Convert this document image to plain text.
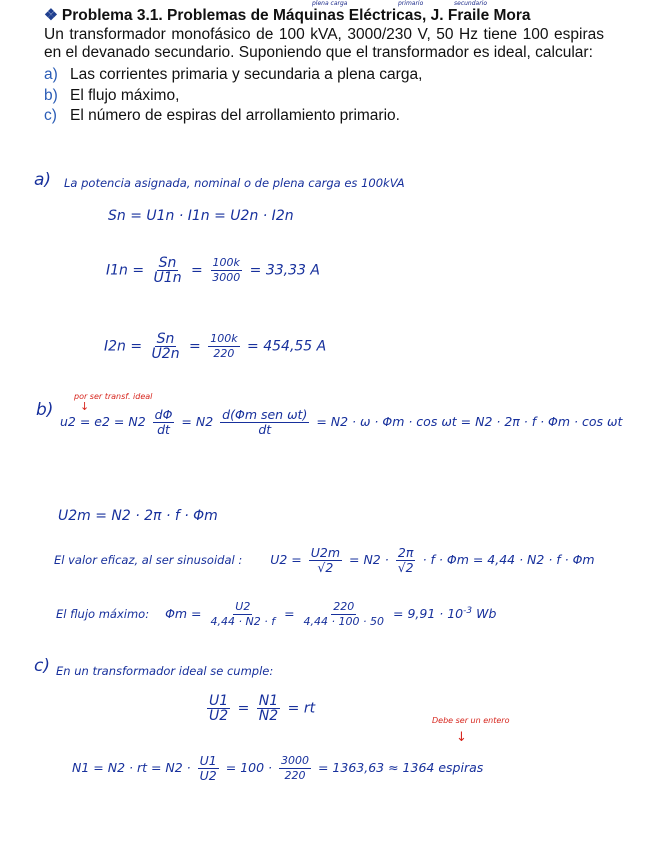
❖ Problema 3.1. Problemas de Máquinas Eléctricas, J. Fraile Mora
Un transformador monofásico de 100 kVA, 3000/230 V, 50 Hz tiene 100 espiras en el devanado secundario. Suponiendo que el transformador es ideal, calcular:
a) Las corrientes primaria y secundaria a plena carga,
b) El flujo máximo,
c) El número de espiras del arrollamiento primario.
plena carga	primario	secundario
a) La potencia asignada, nominal o de plena carga es 100kVA
Sn = U1n · I1n = U2n · I2n
$I1n = \frac{Sn}{U1n} = \frac{100k}{3000} = 33,33$ A
$I2n = \frac{Sn}{U2n} = \frac{100k}{220} = 454,55$ A
b)
por ser transf. ideal
↓
$u2 = e2 = N2 \frac{d\Phi}{dt} = N2 \frac{\text{d(Φm sen ωt)}}{dt} = N2 \cdot \omega \cdot \Phi m \cdot \cos \omega t = N2 \cdot 2\pi \cdot f \cdot \Phi m \cdot \cos \omega t$
U2m = N2 · 2π · f · Φm
El valor eficaz, al ser sinusoidal : $U2 = \frac{U2m}{√2} = N2 \cdot \frac{2\pi}{√2} \cdot f \cdot \Phi m = 4,44 \cdot N2 \cdot f \cdot \Phi m$
El flujo máximo: $\Phi m = \frac{U2}{4,44 \cdot N2 \cdot f} = \frac{220}{4,44 \cdot 100 \cdot 50} = 9,91 \cdot 10^{-3}$ Wb
c) En un transformador ideal se cumple:
$\frac{U1}{U2} = \frac{N1}{N2}$ = rt
Debe ser un entero
↓
N1 = N2 · rt = $N2 \cdot \frac{U1}{U2} = 100 \cdot \frac{3000}{220} = 1363,63 \approx 1364$ espiras
